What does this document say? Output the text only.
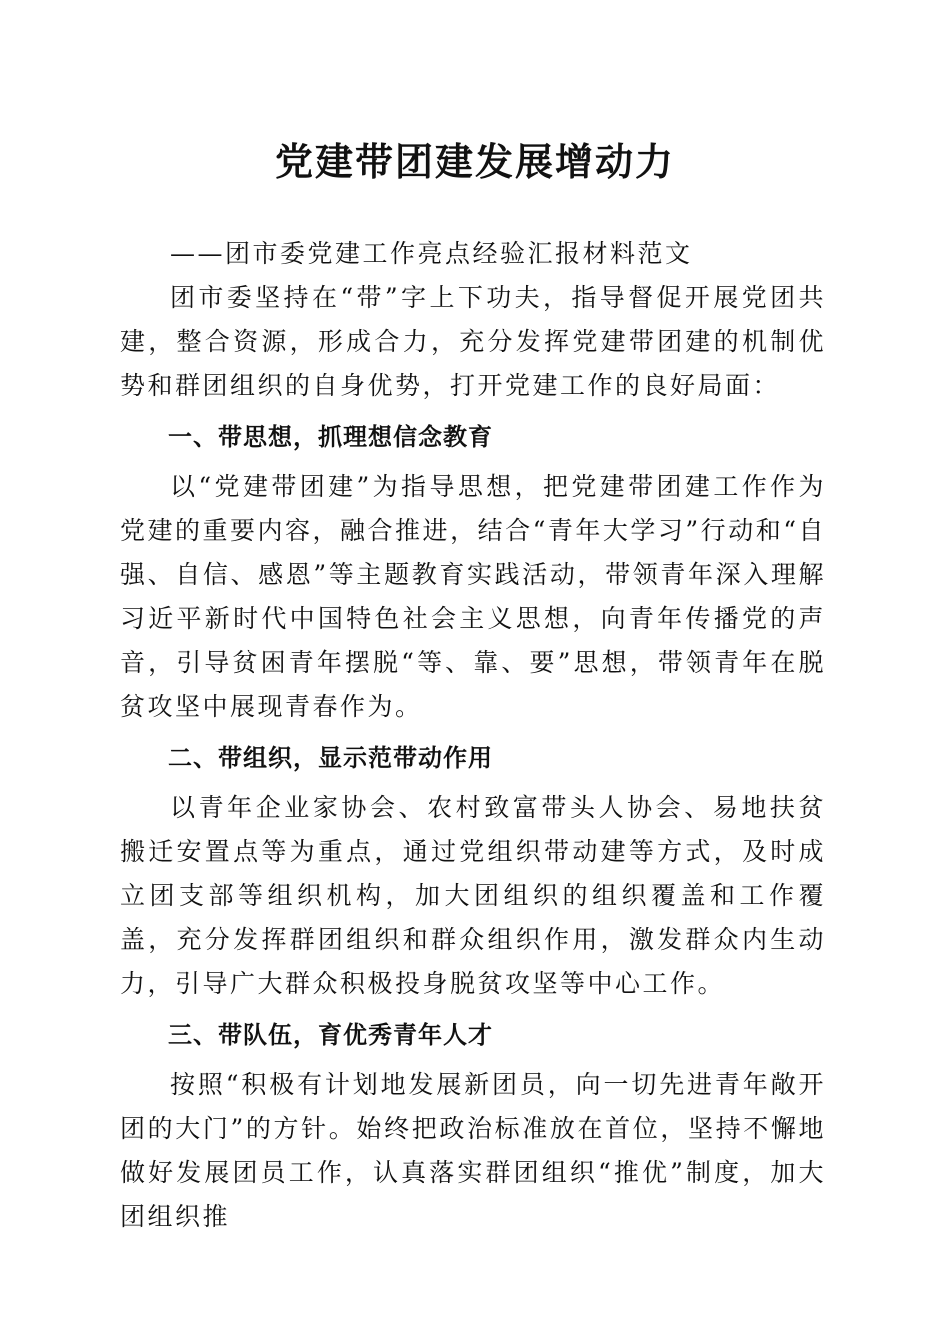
党建带团建发展增动力

——团市委党建工作亮点经验汇报材料范文

团市委坚持在“带”字上下功夫，指导督促开展党团共建，整合资源，形成合力，充分发挥党建带团建的机制优势和群团组织的自身优势，打开党建工作的良好局面：

一、带思想，抓理想信念教育

以“党建带团建”为指导思想，把党建带团建工作作为党建的重要内容，融合推进，结合“青年大学习”行动和“自强、自信、感恩”等主题教育实践活动，带领青年深入理解习近平新时代中国特色社会主义思想，向青年传播党的声音，引导贫困青年摆脱“等、靠、要”思想，带领青年在脱贫攻坚中展现青春作为。

二、带组织，显示范带动作用

以青年企业家协会、农村致富带头人协会、易地扶贫搬迁安置点等为重点，通过党组织带动建等方式，及时成立团支部等组织机构，加大团组织的组织覆盖和工作覆盖，充分发挥群团组织和群众组织作用，激发群众内生动力，引导广大群众积极投身脱贫攻坚等中心工作。

三、带队伍，育优秀青年人才

按照“积极有计划地发展新团员，向一切先进青年敞开团的大门”的方针。始终把政治标准放在首位，坚持不懈地做好发展团员工作，认真落实群团组织“推优”制度，加大团组织推
